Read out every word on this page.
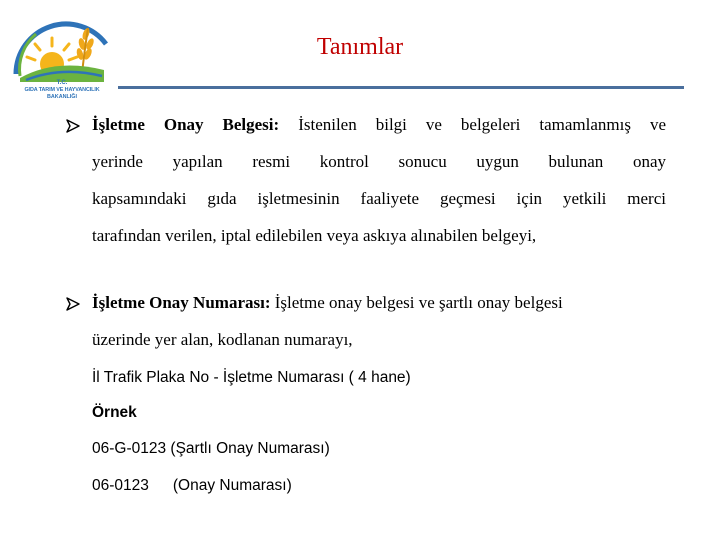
T.C.
GIDA TARIM VE HAYVANCILIK
BAKANLIĞI
Tanımlar
İşletme Onay Belgesi: İstenilen bilgi ve belgeleri tamamlanmış ve
yerinde yapılan resmi kontrol sonucu uygun bulunan onay
kapsamındaki gıda işletmesinin faaliyete geçmesi için yetkili merci
tarafından verilen, iptal edilebilen veya askıya alınabilen belgeyi,
İşletme Onay Numarası: İşletme onay belgesi ve şartlı onay belgesi
üzerinde yer alan, kodlanan numarayı,
İl Trafik Plaka No - İşletme Numarası ( 4 hane)
Örnek
06-G-0123 (Şartlı Onay Numarası)
06-0123 (Onay Numarası)
